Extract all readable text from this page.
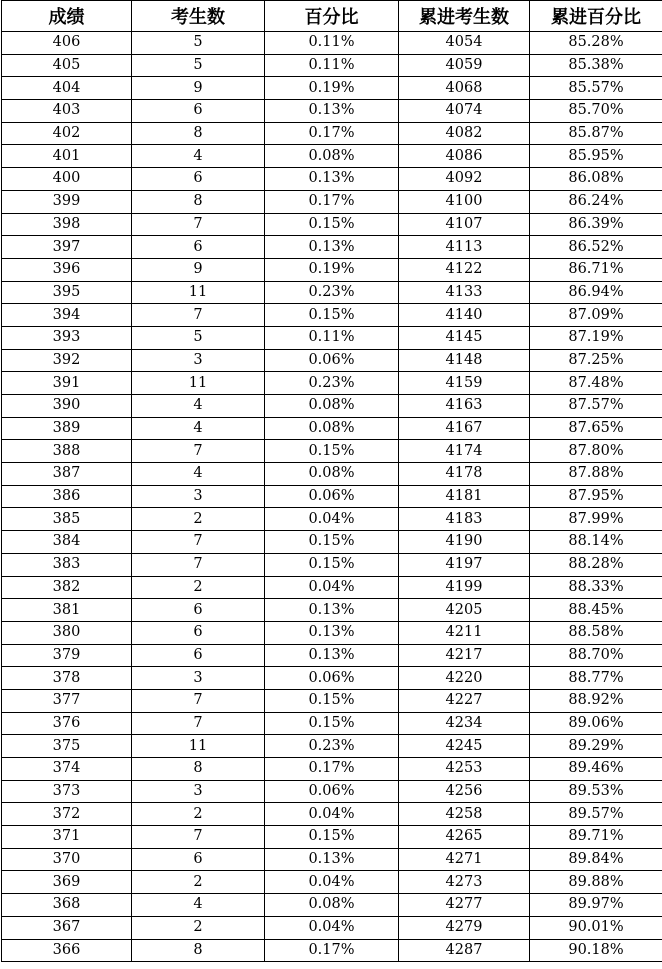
成绩	考生数	百分比	累进考生数	累进百分比
406	5	0.11%	4054	85.28%
405	5	0.11%	4059	85.38%
404	9	0.19%	4068	85.57%
403	6	0.13%	4074	85.70%
402	8	0.17%	4082	85.87%
401	4	0.08%	4086	85.95%
400	6	0.13%	4092	86.08%
399	8	0.17%	4100	86.24%
398	7	0.15%	4107	86.39%
397	6	0.13%	4113	86.52%
396	9	0.19%	4122	86.71%
395	11	0.23%	4133	86.94%
394	7	0.15%	4140	87.09%
393	5	0.11%	4145	87.19%
392	3	0.06%	4148	87.25%
391	11	0.23%	4159	87.48%
390	4	0.08%	4163	87.57%
389	4	0.08%	4167	87.65%
388	7	0.15%	4174	87.80%
387	4	0.08%	4178	87.88%
386	3	0.06%	4181	87.95%
385	2	0.04%	4183	87.99%
384	7	0.15%	4190	88.14%
383	7	0.15%	4197	88.28%
382	2	0.04%	4199	88.33%
381	6	0.13%	4205	88.45%
380	6	0.13%	4211	88.58%
379	6	0.13%	4217	88.70%
378	3	0.06%	4220	88.77%
377	7	0.15%	4227	88.92%
376	7	0.15%	4234	89.06%
375	11	0.23%	4245	89.29%
374	8	0.17%	4253	89.46%
373	3	0.06%	4256	89.53%
372	2	0.04%	4258	89.57%
371	7	0.15%	4265	89.71%
370	6	0.13%	4271	89.84%
369	2	0.04%	4273	89.88%
368	4	0.08%	4277	89.97%
367	2	0.04%	4279	90.01%
366	8	0.17%	4287	90.18%
